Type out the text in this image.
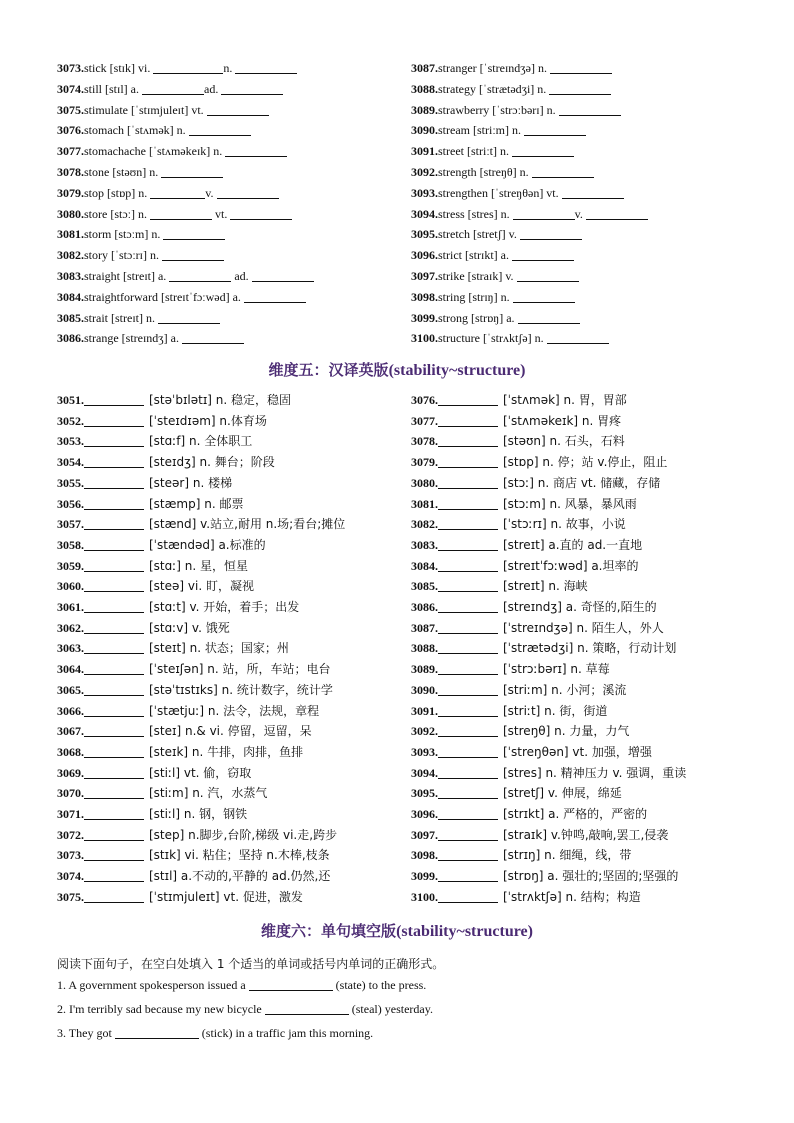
3073.stick [stɪk] vi.	n.
3074.still [stɪl] a.	ad.
3075.stimulate [ˈstɪmjuleɪt] vt.
3076.stomach [ˈstʌmək] n.
3077.stomachache [ˈstʌməkeɪk] n.
3078.stone [stəʊn] n.
3079.stop [stɒp] n.	v.
3080.store [stɔː] n.	vt.
3081.storm [stɔːm] n.
3082.story [ˈstɔːrɪ] n.
3083.straight [streɪt] a.	ad.
3084.straightforward [streɪtˈfɔːwəd] a.
3085.strait [streɪt] n.
3086.strange [streɪndʒ] a.
3087.stranger [ˈstreɪndʒə] n.
3088.strategy [ˈstrætədʒi] n.
3089.strawberry [ˈstrɔːbərɪ] n.
3090.stream [striːm] n.
3091.street [striːt] n.
3092.strength [streŋθ] n.
3093.strengthen [ˈstreŋθən] vt.
3094.stress [stres] n.	v.
3095.stretch [stretʃ] v.
3096.strict [strɪkt] a.
3097.strike [straɪk] v.
3098.string [strɪŋ] n.
3099.strong [strɒŋ] a.
3100.structure [ˈstrʌktʃə] n.
维度五：汉译英版(stability~structure)
3051.	[stəˈbɪlətɪ] n. 稳定，稳固
3052.	[ˈsteɪdɪəm] n.体育场
3053.	[stɑːf] n. 全体职工
3054.	[steɪdʒ] n. 舞台；阶段
3055.	[steər] n. 楼梯
3056.	[stæmp] n. 邮票
3057.	[stænd] v.站立,耐用 n.场;看台;摊位
3058.	[ˈstændəd] a.标准的
3059.	[stɑː] n. 星，恒星
3060.	[steə] vi. 盯，凝视
3061.	[stɑːt] v. 开始，着手；出发
3062.	[stɑːv] v. 饿死
3063.	[steɪt] n. 状态；国家；州
3064.	[ˈsteɪʃən] n. 站，所，车站；电台
3065.	[stəˈtɪstɪks] n. 统计数字，统计学
3066.	[ˈstætjuː] n. 法令，法规，章程
3067.	[steɪ] n.& vi. 停留，逗留，呆
3068.	[steɪk] n. 牛排，肉排，鱼排
3069.	[stiːl] vt. 偷，窃取
3070.	[stiːm] n. 汽，水蒸气
3071.	[stiːl] n. 钢，钢铁
3072.	[step] n.脚步,台阶,梯级 vi.走,跨步
3073.	[stɪk] vi. 粘住；坚持 n.木棒,枝条
3074.	[stɪl] a.不动的,平静的 ad.仍然,还
3075.	[ˈstɪmjuleɪt] vt. 促进，激发
3076.	[ˈstʌmək] n. 胃，胃部
3077.	[ˈstʌməkeɪk] n. 胃疼
3078.	[stəʊn] n. 石头，石料
3079.	[stɒp] n. 停；站 v.停止，阻止
3080.	[stɔː] n. 商店 vt. 储藏，存储
3081.	[stɔːm] n. 风暴，暴风雨
3082.	[ˈstɔːrɪ] n. 故事，小说
3083.	[streɪt] a.直的 ad.一直地
3084.	[streɪtˈfɔːwəd] a.坦率的
3085.	[streɪt] n. 海峡
3086.	[streɪndʒ] a. 奇怪的,陌生的
3087.	[ˈstreɪndʒə] n. 陌生人，外人
3088.	[ˈstrætədʒi] n. 策略，行动计划
3089.	[ˈstrɔːbərɪ] n. 草莓
3090.	[striːm] n. 小河；溪流
3091.	[striːt] n. 街，街道
3092.	[streŋθ] n. 力量，力气
3093.	[ˈstreŋθən] vt. 加强，增强
3094.	[stres] n. 精神压力 v. 强调，重读
3095.	[stretʃ] v. 伸展，绵延
3096.	[strɪkt] a. 严格的，严密的
3097.	[straɪk] v.钟鸣,敲响,罢工,侵袭
3098.	[strɪŋ] n. 细绳，线，带
3099.	[strɒŋ] a. 强壮的;坚固的;坚强的
3100.	[ˈstrʌktʃə] n. 结构；构造
维度六：单句填空版(stability~structure)
阅读下面句子，在空白处填入 1 个适当的单词或括号内单词的正确形式。
1. A government spokesperson issued a	(state) to the press.
2. I'm terribly sad because my new bicycle	(steal) yesterday.
3. They got	(stick) in a traffic jam this morning.
